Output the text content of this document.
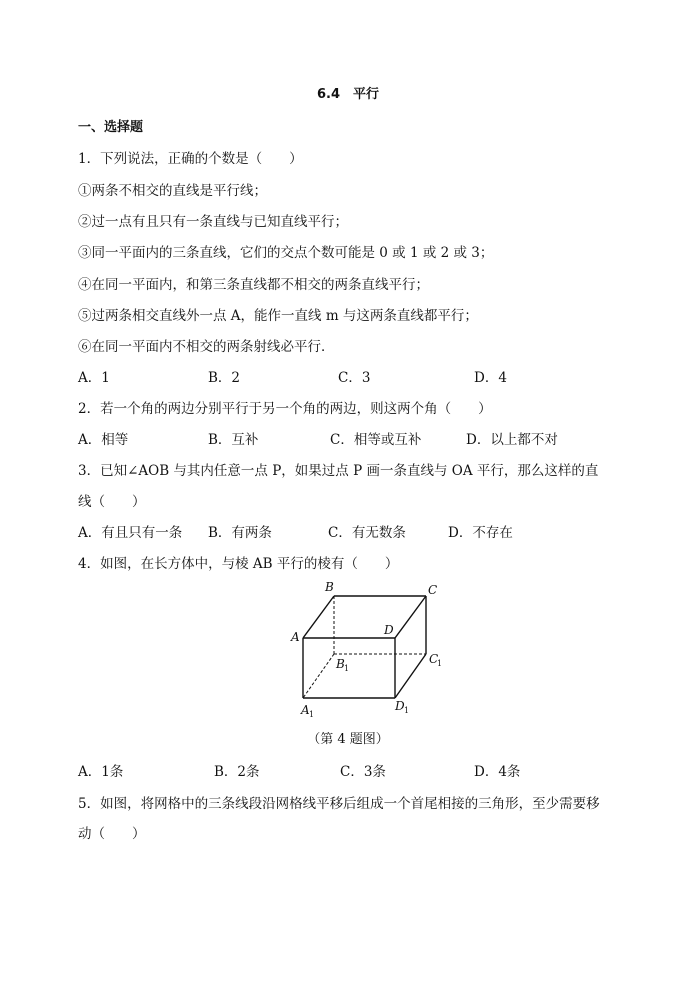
6.4　平行
一、选择题
1．下列说法，正确的个数是（　　）
①两条不相交的直线是平行线；
②过一点有且只有一条直线与已知直线平行；
③同一平面内的三条直线，它们的交点个数可能是 0 或 1 或 2 或 3；
④在同一平面内，和第三条直线都不相交的两条直线平行；
⑤过两条相交直线外一点 A，能作一直线 m 与这两条直线都平行；
⑥在同一平面内不相交的两条射线必平行．
A．1	B．2	C．3	D．4
2．若一个角的两边分别平行于另一个角的两边，则这两个角（　　）
A．相等	B．互补	C．相等或互补	D．以上都不对
3．已知∠AOB 与其内任意一点 P，如果过点 P 画一条直线与 OA 平行，那么这样的直
线（　　）
A．有且只有一条 B．有两条	C．有无数条	D．不存在
4．如图，在长方体中，与棱 AB 平行的棱有（　　）
B	C
A	D
B 1
C
1
A 1
D 1
（第 4 题图）
A．1条	B．2条	C．3条	D．4条
5．如图，将网格中的三条线段沿网格线平移后组成一个首尾相接的三角形，至少需要移
动（　　）
